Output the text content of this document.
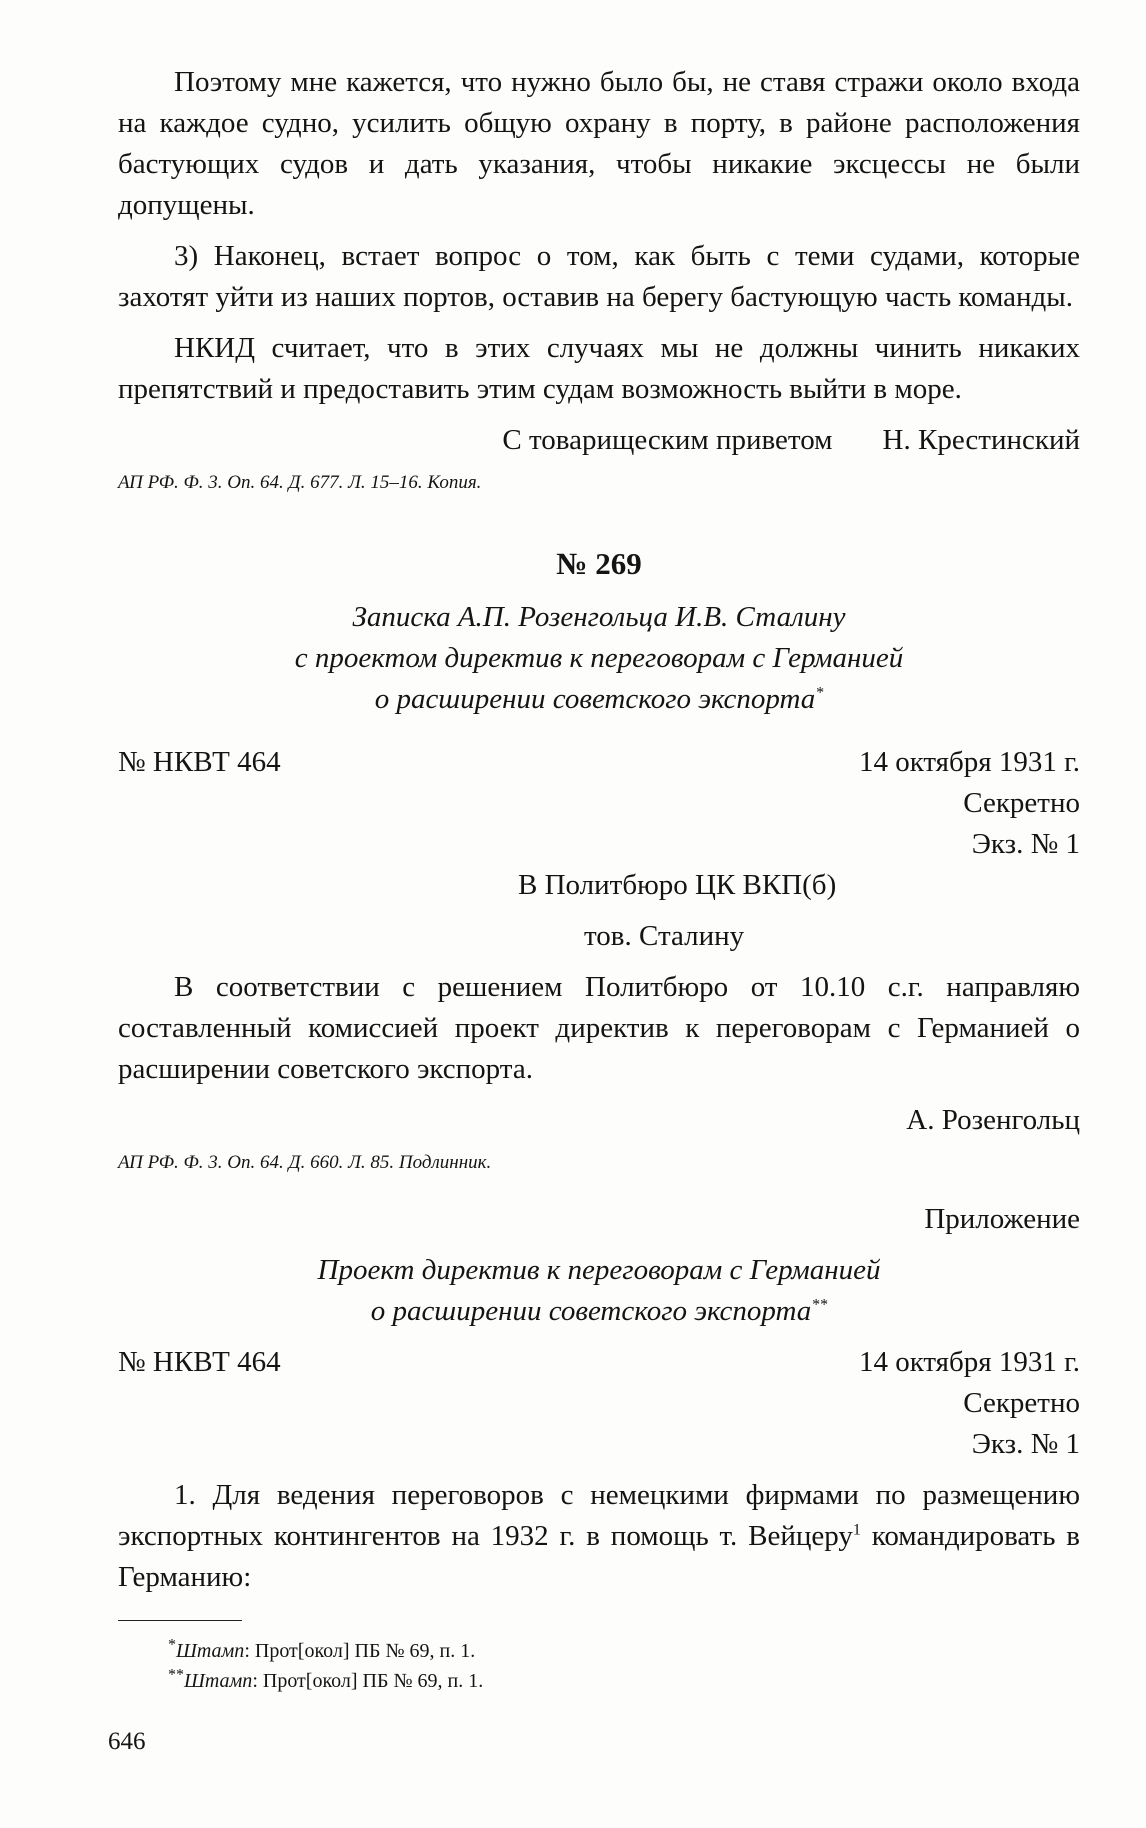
Поэтому мне кажется, что нужно было бы, не ставя стражи около входа на каждое судно, усилить общую охрану в порту, в районе расположения бастующих судов и дать указания, чтобы никакие эксцессы не были допущены.

3) Наконец, встает вопрос о том, как быть с теми судами, которые захотят уйти из наших портов, оставив на берегу бастующую часть команды.

НКИД считает, что в этих случаях мы не должны чинить никаких препятствий и предоставить этим судам возможность выйти в море.

С товарищеским приветом Н. Крестинский

АП РФ. Ф. 3. Оп. 64. Д. 677. Л. 15–16. Копия.

№ 269

Записка А.П. Розенгольца И.В. Сталину

с проектом директив к переговорам с Германией

о расширении советского экспорта*

№ НКВТ 464	14 октября 1931 г.

Секретно

Экз. № 1

В Политбюро ЦК ВКП(б)

тов. Сталину

В соответствии с решением Политбюро от 10.10 с.г. направляю составленный комиссией проект директив к переговорам с Германией о расширении советского экспорта.

А. Розенгольц

АП РФ. Ф. 3. Оп. 64. Д. 660. Л. 85. Подлинник.

Приложение

Проект директив к переговорам с Германией

о расширении советского экспорта**

№ НКВТ 464	14 октября 1931 г.

Секретно

Экз. № 1

1. Для ведения переговоров с немецкими фирмами по размещению экспортных контингентов на 1932 г. в помощь т. Вейцеру$^1$ командировать в Германию:

*Штамп: Прот[окол] ПБ № 69, п. 1.
**Штамп: Прот[окол] ПБ № 69, п. 1.
646
